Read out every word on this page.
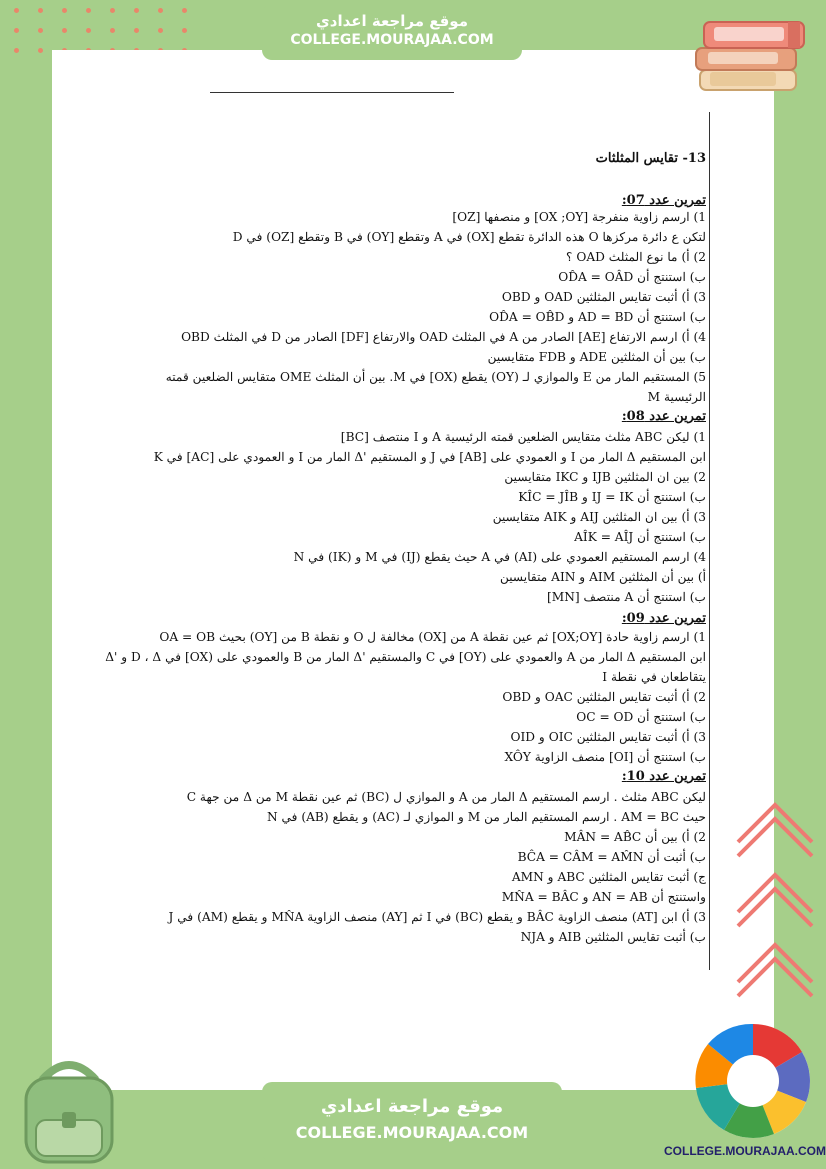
موقع مراجعة اعدادي
COLLEGE.MOURAJAA.COM
13- تقايس المثلثات
تمرين عدد 07:
1) ارسم زاوية منفرجة [OX ;OY] و منصفها [OZ]
لتكن ع دائرة مركزها O هذه الدائرة تقطع [OX) في A وتقطع [OY) في B وتقطع [OZ) في D
2) أ) ما نوع المثلث OAD ؟
ب) استنتج أن OD̂A = OÂD
3) أ) أثبت تقايس المثلثين OAD و OBD
ب) استنتج أن AD = BD و OD̂A = OB̂D
4) أ) ارسم الارتفاع [AE] الصادر من A في المثلث OAD والارتفاع [DF] الصادر من D في المثلث OBD
ب) بين أن المثلثين ADE و FDB متقايسين
5) المستقيم المار من E والموازي لـ (OY) يقطع (OX] في M. بين أن المثلث OME متقايس الضلعين قمته
الرئيسية M
تمرين عدد 08:
1) ليكن ABC مثلث متقايس الضلعين قمته الرئيسية A و I منتصف [BC]
ابن المستقيم Δ المار من I و العمودي على [AB] في J و المستقيم 'Δ المار من I و العمودي على [AC] في K
2) بين ان المثلثين IJB و IKC متقايسين
ب) استنتج أن IJ = IK و KÎC = JÎB
3) أ) بين ان المثلثين AIJ و AIK متقايسين
ب) استنتج أن AÎK = AÎJ
4) ارسم المستقيم العمودي على (AI) في A حيث يقطع (IJ) في M و (IK) في N
أ) بين أن المثلثين AIM و AIN متقايسين
ب) استنتج أن A منتصف [MN]
تمرين عدد 09:
1) ارسم زاوية حادة [OX;OY] ثم عين نقطة A من [OX) مخالفة ل O و نقطة B من [OY) بحيث OA = OB
ابن المستقيم Δ المار من A والعمودي على (OY] في C والمستقيم 'Δ المار من B والعمودي على (OX] في D ، Δ و 'Δ
يتقاطعان في نقطة I
2) أ) أثبت تقايس المثلثين OAC و OBD
ب) استنتج أن OC = OD
3) أ) أثبت تقايس المثلثين OIC و OID
ب) استنتج أن [OI] منصف الزاوية XÔY
تمرين عدد 10:
ليكن ABC مثلث . ارسم المستقيم Δ المار من A و الموازي ل (BC) ثم عين نقطة M من Δ من جهة C
حيث AM = BC . ارسم المستقيم المار من M و الموازي لـ (AC) و يقطع (AB) في N
2) أ) بين أن MÂN = AB̂C
ب) أثبت أن BĈA = CÂM = AM̂N
ج) أثبت تقايس المثلثين ABC و AMN
واستنتج أن AN = AB و MN̂A = BÂC
3) أ) ابن [AT) منصف الزاوية BÂC و يقطع (BC) في I ثم [AY) منصف الزاوية MN̂A و يقطع (AM) في J
ب) أثبت تقايس المثلثين AIB و NJA
COLLEGE.MOURAJAA.COM
موقع مراجعة اعدادي
COLLEGE.MOURAJAA.COM
